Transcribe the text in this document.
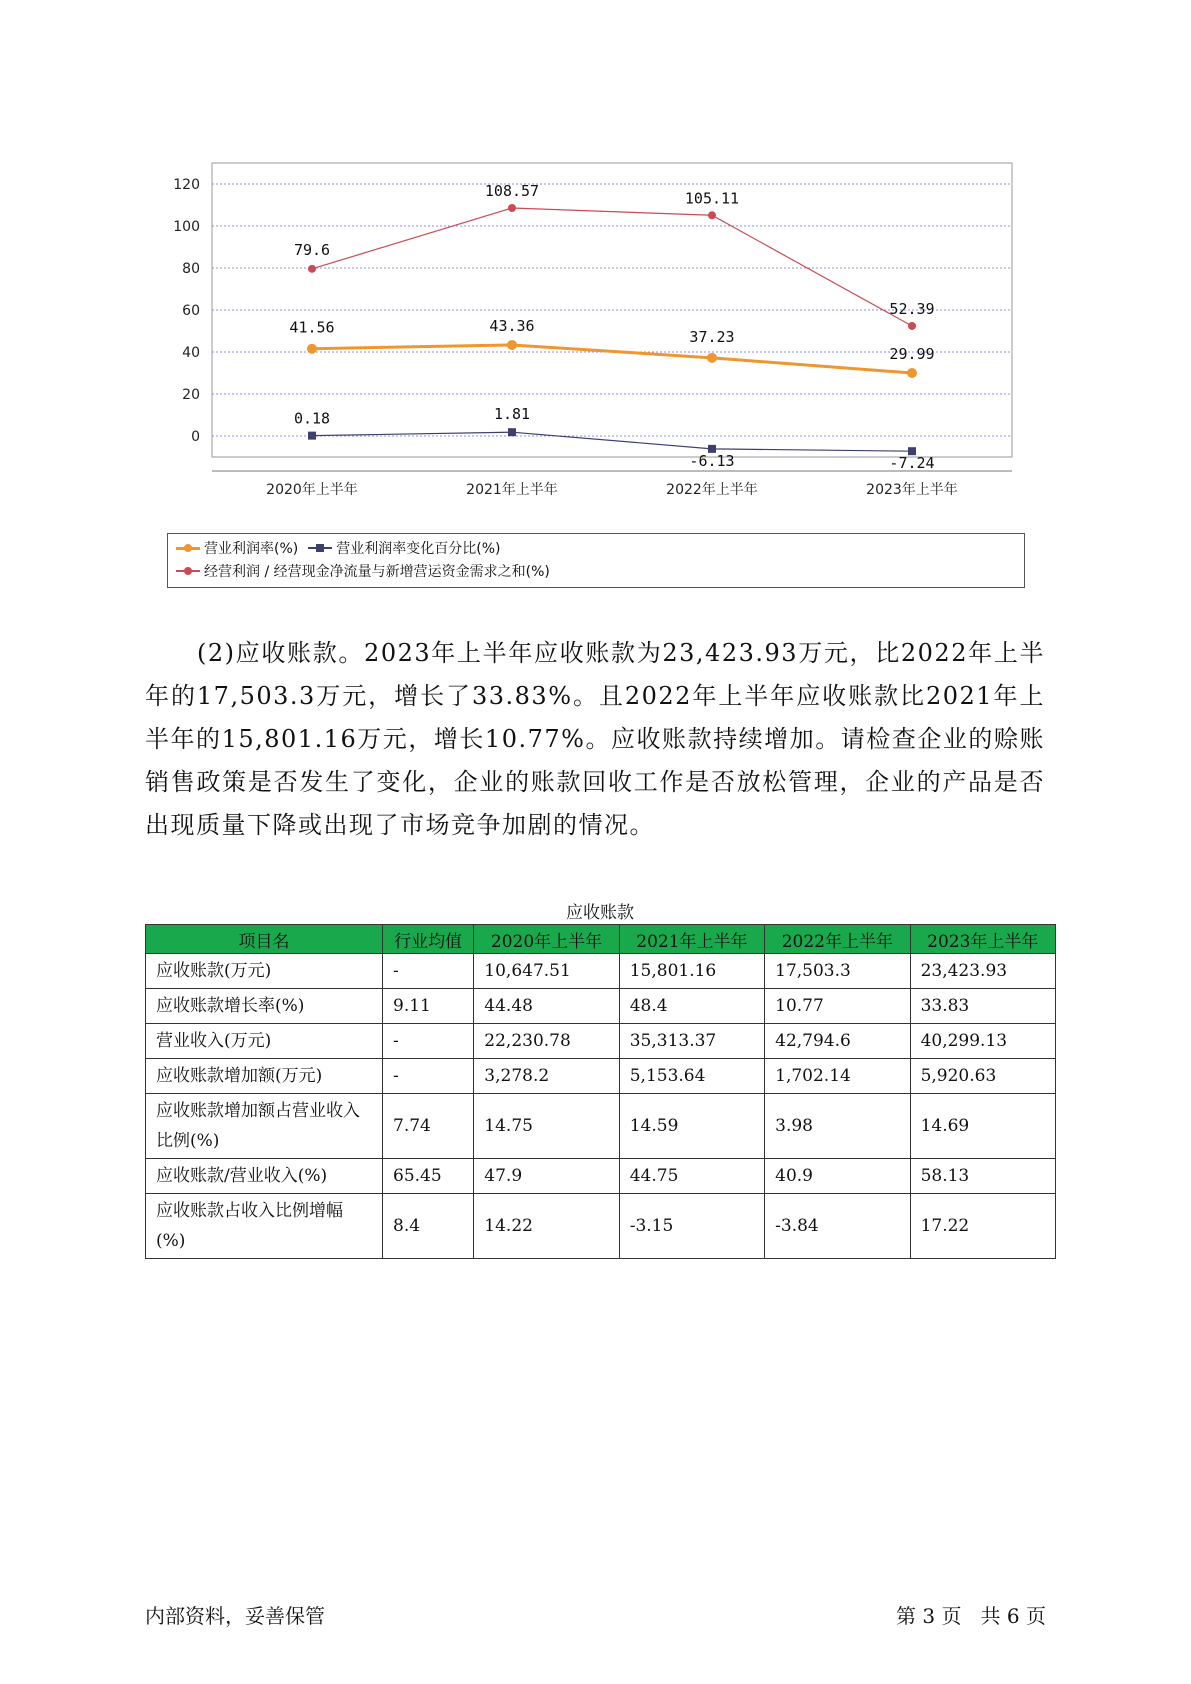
120
100
80
60
40
20
0
2020年上半年	2021年上半年	2022年上半年	2023年上半年
79.6
108.57	105.11
52.39
41.56	43.36
37.23
29.99
0.18	1.81
-6.13	-7.24
营业利润率(%)	营业利润率变化百分比(%)
经营利润 / 经营现金净流量与新增营运资金需求之和(%)

(2)应收账款。2023年上半年应收账款为23,423.93万元，比2022年上半年的17,503.3万元，增长了33.83%。且2022年上半年应收账款比2021年上半年的15,801.16万元，增长10.77%。应收账款持续增加。请检查企业的赊账销售政策是否发生了变化，企业的账款回收工作是否放松管理，企业的产品是否出现质量下降或出现了市场竞争加剧的情况。

应收账款
项目名	行业均值	2020年上半年	2021年上半年	2022年上半年	2023年上半年
应收账款(万元)	-	10,647.51	15,801.16	17,503.3	23,423.93
应收账款增长率(%)	9.11	44.48	48.4	10.77	33.83
营业收入(万元)	-	22,230.78	35,313.37	42,794.6	40,299.13
应收账款增加额(万元)	-	3,278.2	5,153.64	1,702.14	5,920.63
应收账款增加额占营业收入比例(%)	7.74	14.75	14.59	3.98	14.69
应收账款/营业收入(%)	65.45	47.9	44.75	40.9	58.13
应收账款占收入比例增幅(%)	8.4	14.22	-3.15	-3.84	17.22
内部资料，妥善保管	第 3 页   共 6 页
